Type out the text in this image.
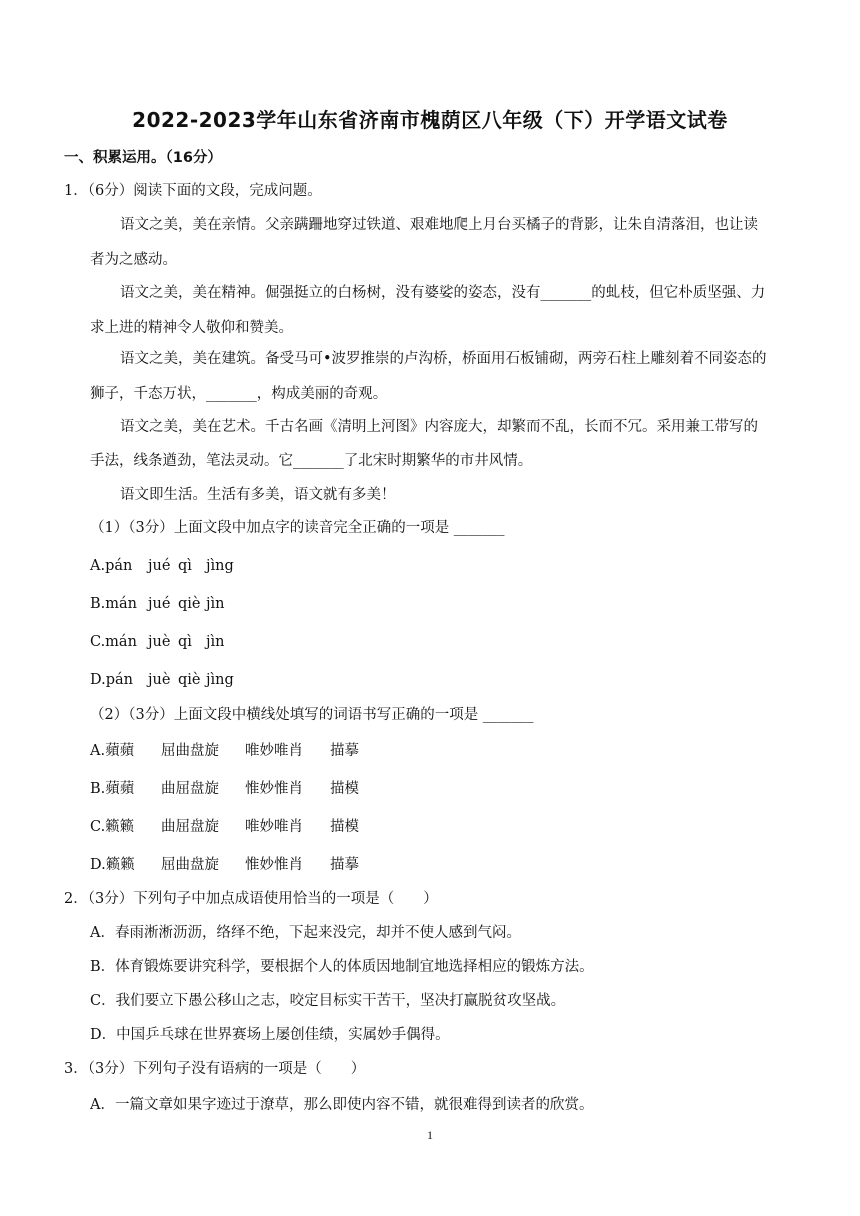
2022-2023学年山东省济南市槐荫区八年级（下）开学语文试卷
一、积累运用。（16分）
1．（6分）阅读下面的文段，完成问题。
语文之美，美在亲情。父亲蹒跚地穿过铁道、艰难地爬上月台买橘子的背影，让朱自清落泪，也让读
者为之感动。
语文之美，美在精神。倔强挺立的白杨树，没有婆娑的姿态，没有_______的虬枝，但它朴质坚强、力
求上进的精神令人敬仰和赞美。
语文之美，美在建筑。备受马可•波罗推崇的卢沟桥，桥面用石板铺砌，两旁石柱上雕刻着不同姿态的
狮子，千态万状，_______，构成美丽的奇观。
语文之美，美在艺术。千古名画《清明上河图》内容庞大，却繁而不乱，长而不冗。采用兼工带写的
手法，线条遒劲，笔法灵动。它_______了北宋时期繁华的市井风情。
语文即生活。生活有多美，语文就有多美！
（1）（3分）上面文段中加点字的读音完全正确的一项是 _______
A.pán jué qì jìng
B.mán jué qiè jìn
C.mán juè qì jìn
D.pán juè qiè jìng
（2）（3分）上面文段中横线处填写的词语书写正确的一项是 _______
A.蘋蘋 屈曲盘旋 唯妙唯肖 描摹
B.蘋蘋 曲屈盘旋 惟妙惟肖 描模
C.籁籁 曲屈盘旋 唯妙唯肖 描模
D.籁籁 屈曲盘旋 惟妙惟肖 描摹
2．（3分）下列句子中加点成语使用恰当的一项是（　　）
A．春雨淅淅沥沥，络绎不绝，下起来没完，却并不使人感到气闷。
B．体育锻炼要讲究科学，要根据个人的体质因地制宜地选择相应的锻炼方法。
C．我们要立下愚公移山之志，咬定目标实干苦干，坚决打赢脱贫攻坚战。
D．中国乒乓球在世界赛场上屡创佳绩，实属妙手偶得。
3．（3分）下列句子没有语病的一项是（　　）
A．一篇文章如果字迹过于潦草，那么即使内容不错，就很难得到读者的欣赏。
1
